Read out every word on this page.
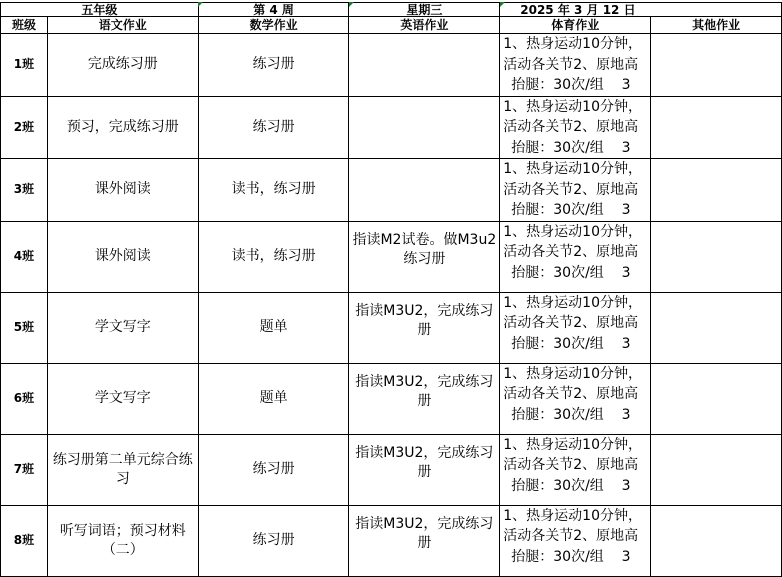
五年级		第 4 周	星期三	2025 年 3 月 12 日	
班级	语文作业	数学作业	英语作业	体育作业	其他作业
1班	完成练习册	练习册		1、热身运动10分钟，
活动各关节2、原地高
抬腿：30次/组    3	

2班	预习，完成练习册	练习册		1、热身运动10分钟，
活动各关节2、原地高
抬腿：30次/组    3	

3班	课外阅读	读书，练习册		1、热身运动10分钟，
活动各关节2、原地高
抬腿：30次/组    3	

4班	课外阅读	读书，练习册	指读M2试卷。做M3u2练习册	1、热身运动10分钟，
活动各关节2、原地高
抬腿：30次/组    3	

5班	学文写字	题单	指读M3U2，完成练习册	1、热身运动10分钟，
活动各关节2、原地高
抬腿：30次/组    3	

6班	学文写字	题单	指读M3U2，完成练习册	1、热身运动10分钟，
活动各关节2、原地高
抬腿：30次/组    3	

7班	练习册第二单元综合练习	练习册	指读M3U2，完成练习册	1、热身运动10分钟，
活动各关节2、原地高
抬腿：30次/组    3	

8班	听写词语；预习材料（二）	练习册	指读M3U2，完成练习册	1、热身运动10分钟，
活动各关节2、原地高
抬腿：30次/组    3	
